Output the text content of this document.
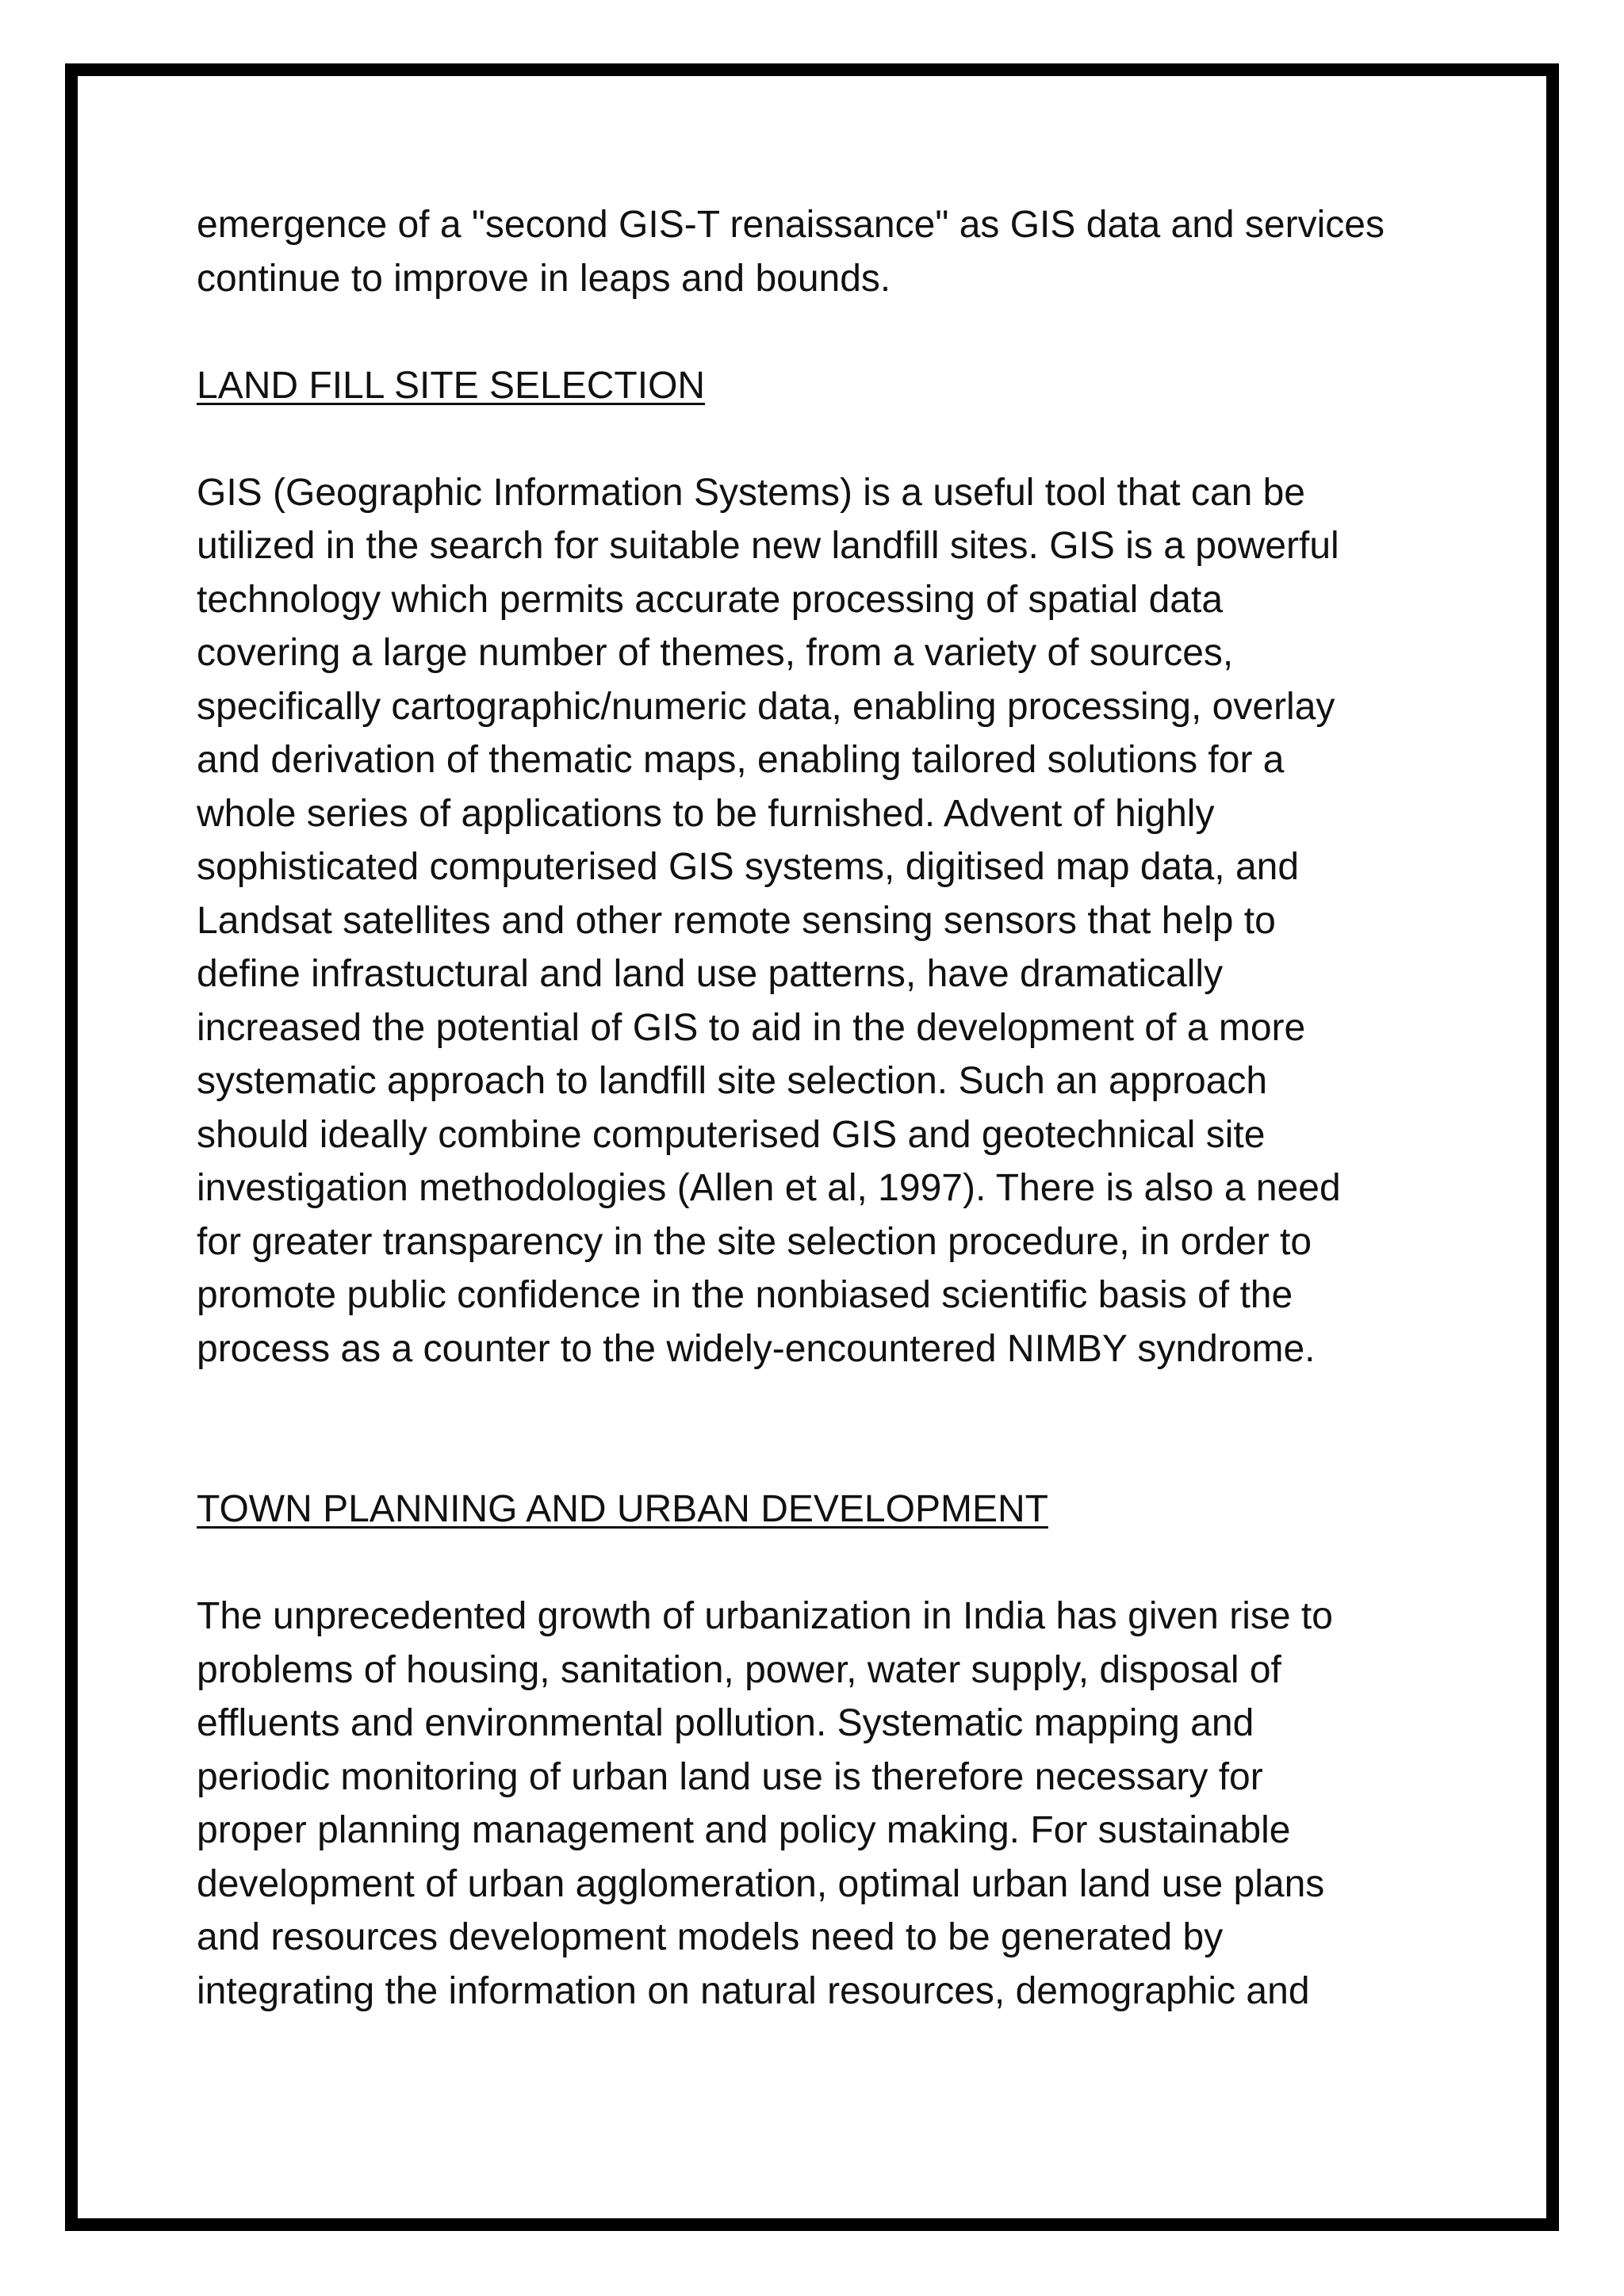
emergence of a "second GIS-T renaissance" as GIS data and services
continue to improve in leaps and bounds.
LAND FILL SITE SELECTION
GIS (Geographic Information Systems) is a useful tool that can be
utilized in the search for suitable new landfill sites. GIS is a powerful
technology which permits accurate processing of spatial data
covering a large number of themes, from a variety of sources,
specifically cartographic/numeric data, enabling processing, overlay
and derivation of thematic maps, enabling tailored solutions for a
whole series of applications to be furnished. Advent of highly
sophisticated computerised GIS systems, digitised map data, and
Landsat satellites and other remote sensing sensors that help to
define infrastuctural and land use patterns, have dramatically
increased the potential of GIS to aid in the development of a more
systematic approach to landfill site selection. Such an approach
should ideally combine computerised GIS and geotechnical site
investigation methodologies (Allen et al, 1997). There is also a need
for greater transparency in the site selection procedure, in order to
promote public confidence in the nonbiased scientific basis of the
process as a counter to the widely-encountered NIMBY syndrome.
TOWN PLANNING AND URBAN DEVELOPMENT
The unprecedented growth of urbanization in India has given rise to
problems of housing, sanitation, power, water supply, disposal of
effluents and environmental pollution. Systematic mapping and
periodic monitoring of urban land use is therefore necessary for
proper planning management and policy making. For sustainable
development of urban agglomeration, optimal urban land use plans
and resources development models need to be generated by
integrating the information on natural resources, demographic and
